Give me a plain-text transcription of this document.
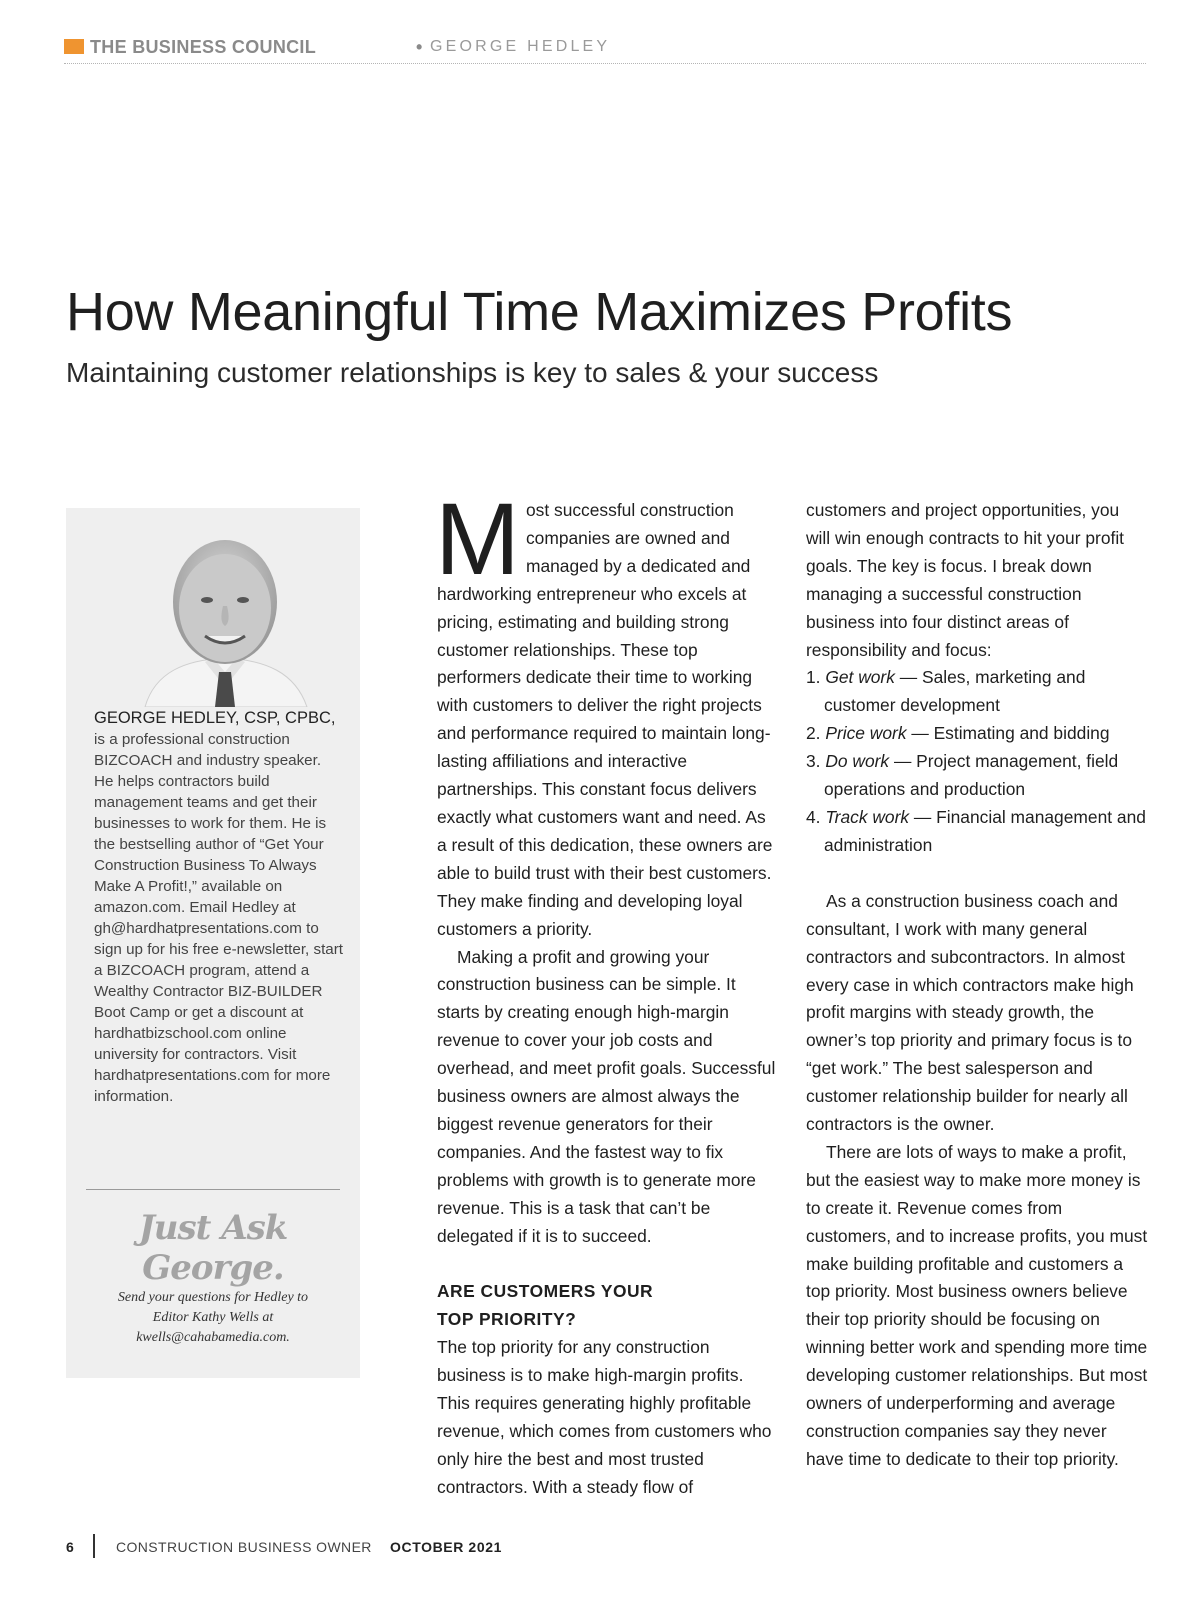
THE BUSINESS COUNCIL	• GEORGE HEDLEY
How Meaningful Time Maximizes Profits
Maintaining customer relationships is key to sales & your success

GEORGE HEDLEY, CSP, CPBC, is a professional construction BIZCOACH and industry speaker. He helps contractors build management teams and get their businesses to work for them. He is the bestselling author of “Get Your Construction Business To Always Make A Profit!,” available on amazon.com. Email Hedley at gh@hardhatpresentations.com to sign up for his free e-newsletter, start a BIZCOACH program, attend a Wealthy Contractor BIZ-BUILDER Boot Camp or get a discount at hardhatbizschool.com online university for contractors. Visit hardhatpresentations.com for more information.

Just Ask George.

Send your questions for Hedley to Editor Kathy Wells at kwells@cahabamedia.com.

Most successful construction companies are owned and managed by a dedicated and hardworking entrepreneur who excels at pricing, estimating and building strong customer relationships. These top performers dedicate their time to working with customers to deliver the right projects and performance required to maintain long-lasting affiliations and interactive partnerships. This constant focus delivers exactly what customers want and need. As a result of this dedication, these owners are able to build trust with their best customers. They make finding and developing loyal customers a priority.

Making a profit and growing your construction business can be simple. It starts by creating enough high-margin revenue to cover your job costs and overhead, and meet profit goals. Successful business owners are almost always the biggest revenue generators for their companies. And the fastest way to fix problems with growth is to generate more revenue. This is a task that can’t be delegated if it is to succeed.

ARE CUSTOMERS YOUR
TOP PRIORITY?

The top priority for any construction business is to make high-margin profits. This requires generating highly profitable revenue, which comes from customers who only hire the best and most trusted contractors. With a steady flow of

customers and project opportunities, you will win enough contracts to hit your profit goals. The key is focus. I break down managing a successful construction business into four distinct areas of responsibility and focus:

1. Get work — Sales, marketing and customer development
2. Price work — Estimating and bidding
3. Do work — Project management, field operations and production
4. Track work — Financial management and administration

As a construction business coach and consultant, I work with many general contractors and subcontractors. In almost every case in which contractors make high profit margins with steady growth, the owner’s top priority and primary focus is to “get work.” The best salesperson and customer relationship builder for nearly all contractors is the owner.

There are lots of ways to make a profit, but the easiest way to make more money is to create it. Revenue comes from customers, and to increase profits, you must make building profitable and customers a top priority. Most business owners believe their top priority should be focusing on winning better work and spending more time developing customer relationships. But most owners of underperforming and average construction companies say they never have time to dedicate to their top priority.

6	CONSTRUCTION BUSINESS OWNER OCTOBER 2021
